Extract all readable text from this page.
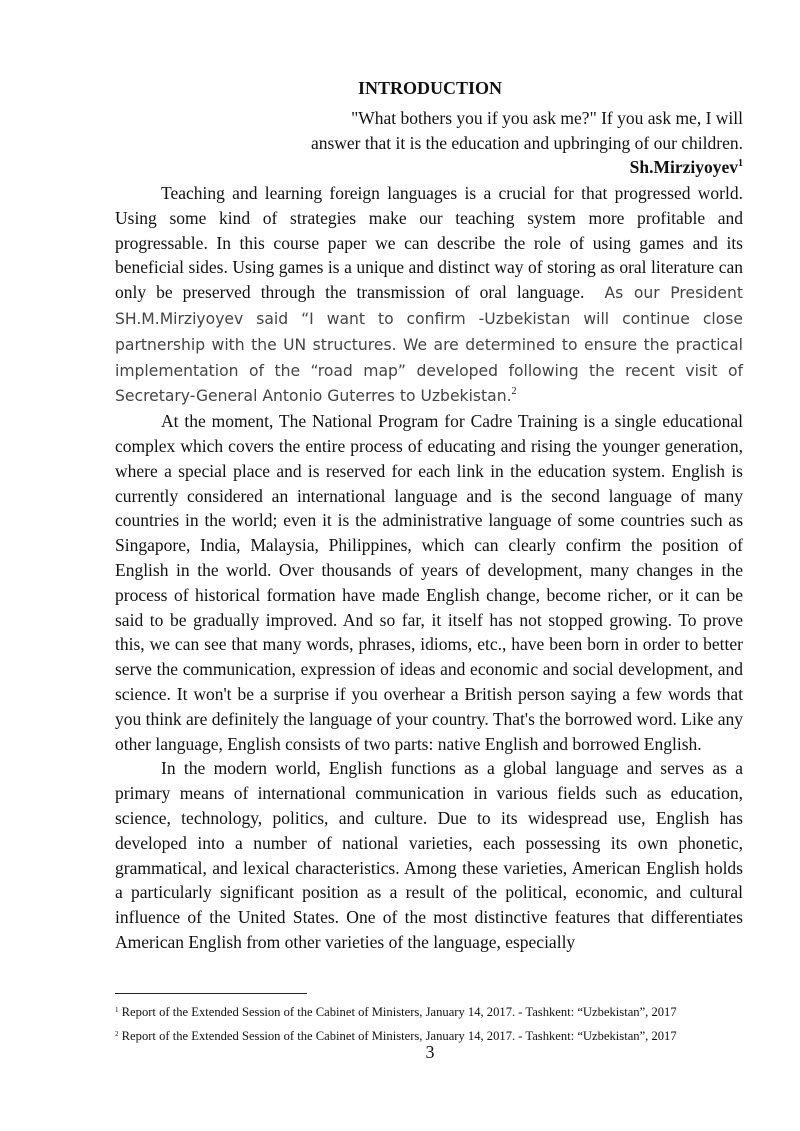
INTRODUCTION
"What bothers you if you ask me?" If you ask me, I will
answer that it is the education and upbringing of our children.
Sh.Mirziyoyev$^1$

Teaching and learning foreign languages is a crucial for that progressed world. Using some kind of strategies make our teaching system more profitable and progressable. In this course paper we can describe the role of using games and its beneficial sides. Using games is a unique and distinct way of storing as oral literature can only be preserved through the transmission of oral language. As our President SH.M.Mirziyoyev said “I want to confirm -Uzbekistan will continue close partnership with the UN structures. We are determined to ensure the practical implementation of the “road map” developed following the recent visit of Secretary-General Antonio Guterres to Uzbekistan.$^2$

At the moment, The National Program for Cadre Training is a single educational complex which covers the entire process of educating and rising the younger generation, where a special place and is reserved for each link in the education system. English is currently considered an international language and is the second language of many countries in the world; even it is the administrative language of some countries such as Singapore, India, Malaysia, Philippines, which can clearly confirm the position of English in the world. Over thousands of years of development, many changes in the process of historical formation have made English change, become richer, or it can be said to be gradually improved. And so far, it itself has not stopped growing. To prove this, we can see that many words, phrases, idioms, etc., have been born in order to better serve the communication, expression of ideas and economic and social development, and science. It won't be a surprise if you overhear a British person saying a few words that you think are definitely the language of your country. That's the borrowed word. Like any other language, English consists of two parts: native English and borrowed English.

In the modern world, English functions as a global language and serves as a primary means of international communication in various fields such as education, science, technology, politics, and culture. Due to its widespread use, English has developed into a number of national varieties, each possessing its own phonetic, grammatical, and lexical characteristics. Among these varieties, American English holds a particularly significant position as a result of the political, economic, and cultural influence of the United States. One of the most distinctive features that differentiates American English from other varieties of the language, especially

$^1$ Report of the Extended Session of the Cabinet of Ministers, January 14, 2017. - Tashkent: “Uzbekistan”, 2017
$^2$ Report of the Extended Session of the Cabinet of Ministers, January 14, 2017. - Tashkent: “Uzbekistan”, 2017
3
